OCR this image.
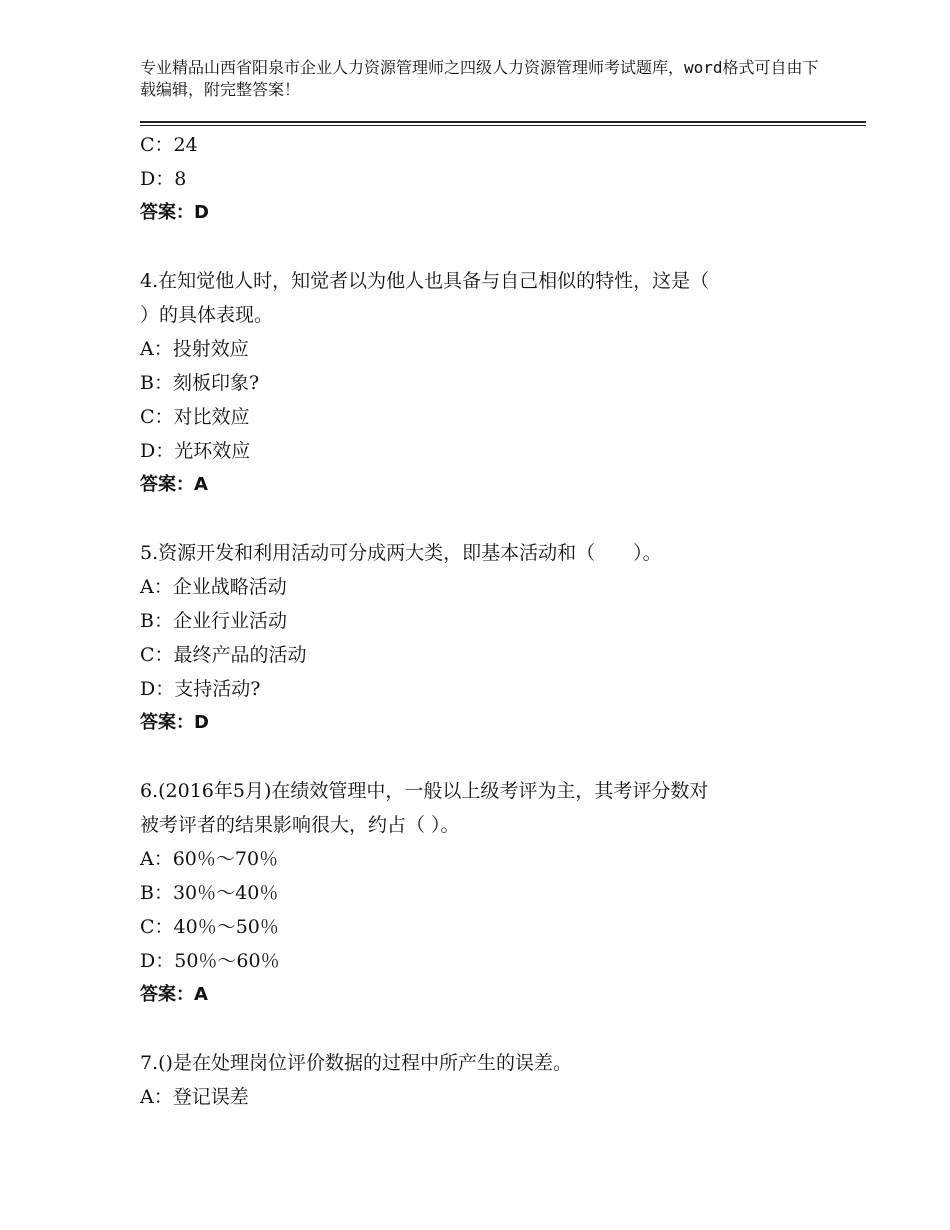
专业精品山西省阳泉市企业人力资源管理师之四级人力资源管理师考试题库，word格式可自由下载编辑，附完整答案！
C：24
D：8
答案：D
4.在知觉他人时，知觉者以为他人也具备与自己相似的特性，这是（
）的具体表现。
A：投射效应
B：刻板印象?
C：对比效应
D：光环效应
答案：A
5.资源开发和利用活动可分成两大类，即基本活动和（　　）。
A：企业战略活动
B：企业行业活动
C：最终产品的活动
D：支持活动?
答案：D
6.(2016年5月)在绩效管理中，一般以上级考评为主，其考评分数对
被考评者的结果影响很大，约占（ ）。
A：60％～70％
B：30％～40％
C：40％～50％
D：50％～60％
答案：A
7.()是在处理岗位评价数据的过程中所产生的误差。
A：登记误差
